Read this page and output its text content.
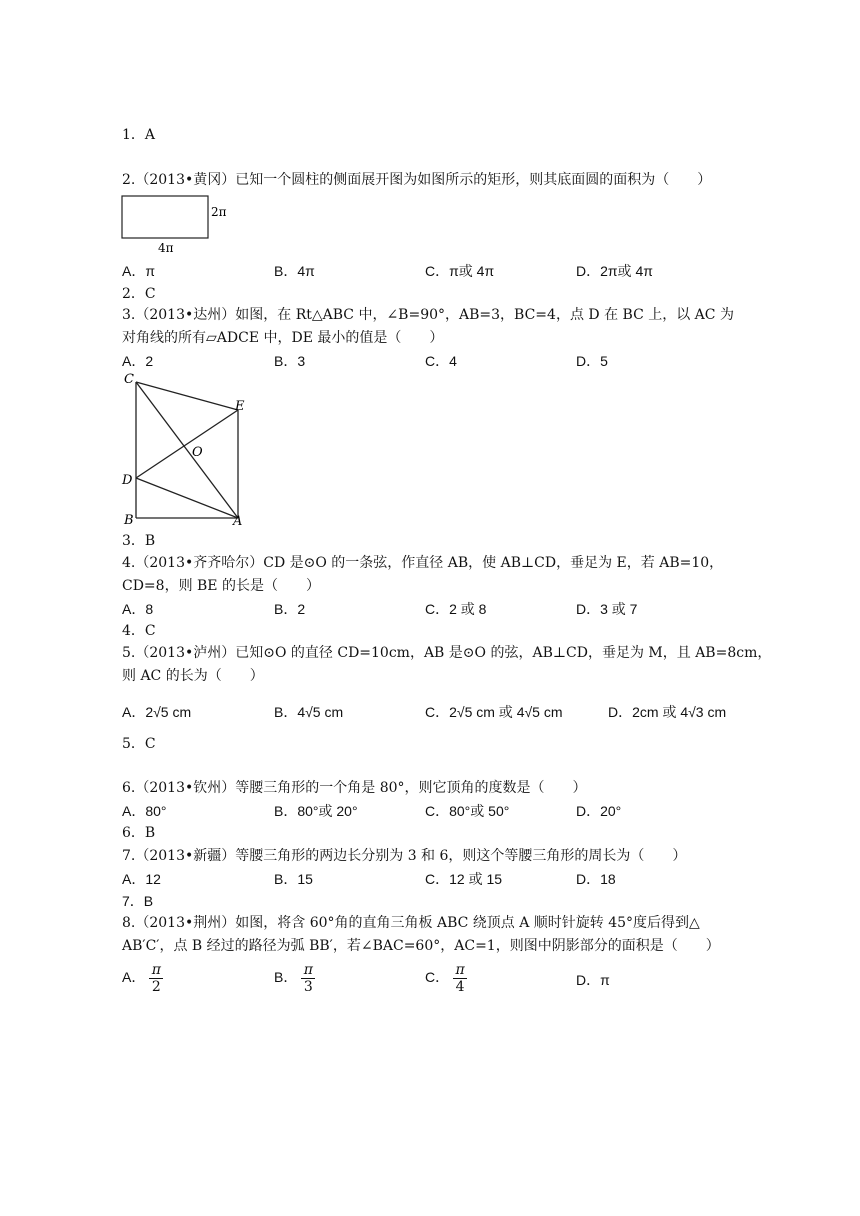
1．A
2.（2013•黄冈）已知一个圆柱的侧面展开图为如图所示的矩形，则其底面圆的面积为（　　）
2π
4π
A．π	B．4π	C．π或 4π	D．2π或 4π
2．C
3.（2013•达州）如图，在 Rt△ABC 中，∠B=90°，AB=3，BC=4，点 D 在 BC 上，以 AC 为
对角线的所有▱ADCE 中，DE 最小的值是（　　）
A．2	B．3	C．4	D．5
C
E
O
D
B	A
3．B
4.（2013•齐齐哈尔）CD 是⊙O 的一条弦，作直径 AB，使 AB⊥CD，垂足为 E，若 AB=10，
CD=8，则 BE 的长是（　　）
A．8	B．2	C．2 或 8	D．3 或 7
4．C
5.（2013•泸州）已知⊙O 的直径 CD=10cm，AB 是⊙O 的弦，AB⊥CD，垂足为 M，且 AB=8cm，
则 AC 的长为（　　）
A．2√5 cm	B．4√5 cm	C．2√5 cm 或 4√5 cm	D．2cm 或 4√3 cm
5．C
6.（2013•钦州）等腰三角形的一个角是 80°，则它顶角的度数是（　　）
A．80°	B．80°或 20°	C．80°或 50°	D．20°
6．B
7.（2013•新疆）等腰三角形的两边长分别为 3 和 6，则这个等腰三角形的周长为（　　）
A．12	B．15	C．12 或 15	D．18
7．B
8.（2013•荆州）如图，将含 60°角的直角三角板 ABC 绕顶点 A 顺时针旋转 45°度后得到△
AB′C′，点 B 经过的路径为弧 BB′，若∠BAC=60°，AC=1，则图中阴影部分的面积是（　　）
A． $\frac{\pi}{2}$	B． $\frac{\pi}{3}$	C． $\frac{\pi}{4}$	D．π
